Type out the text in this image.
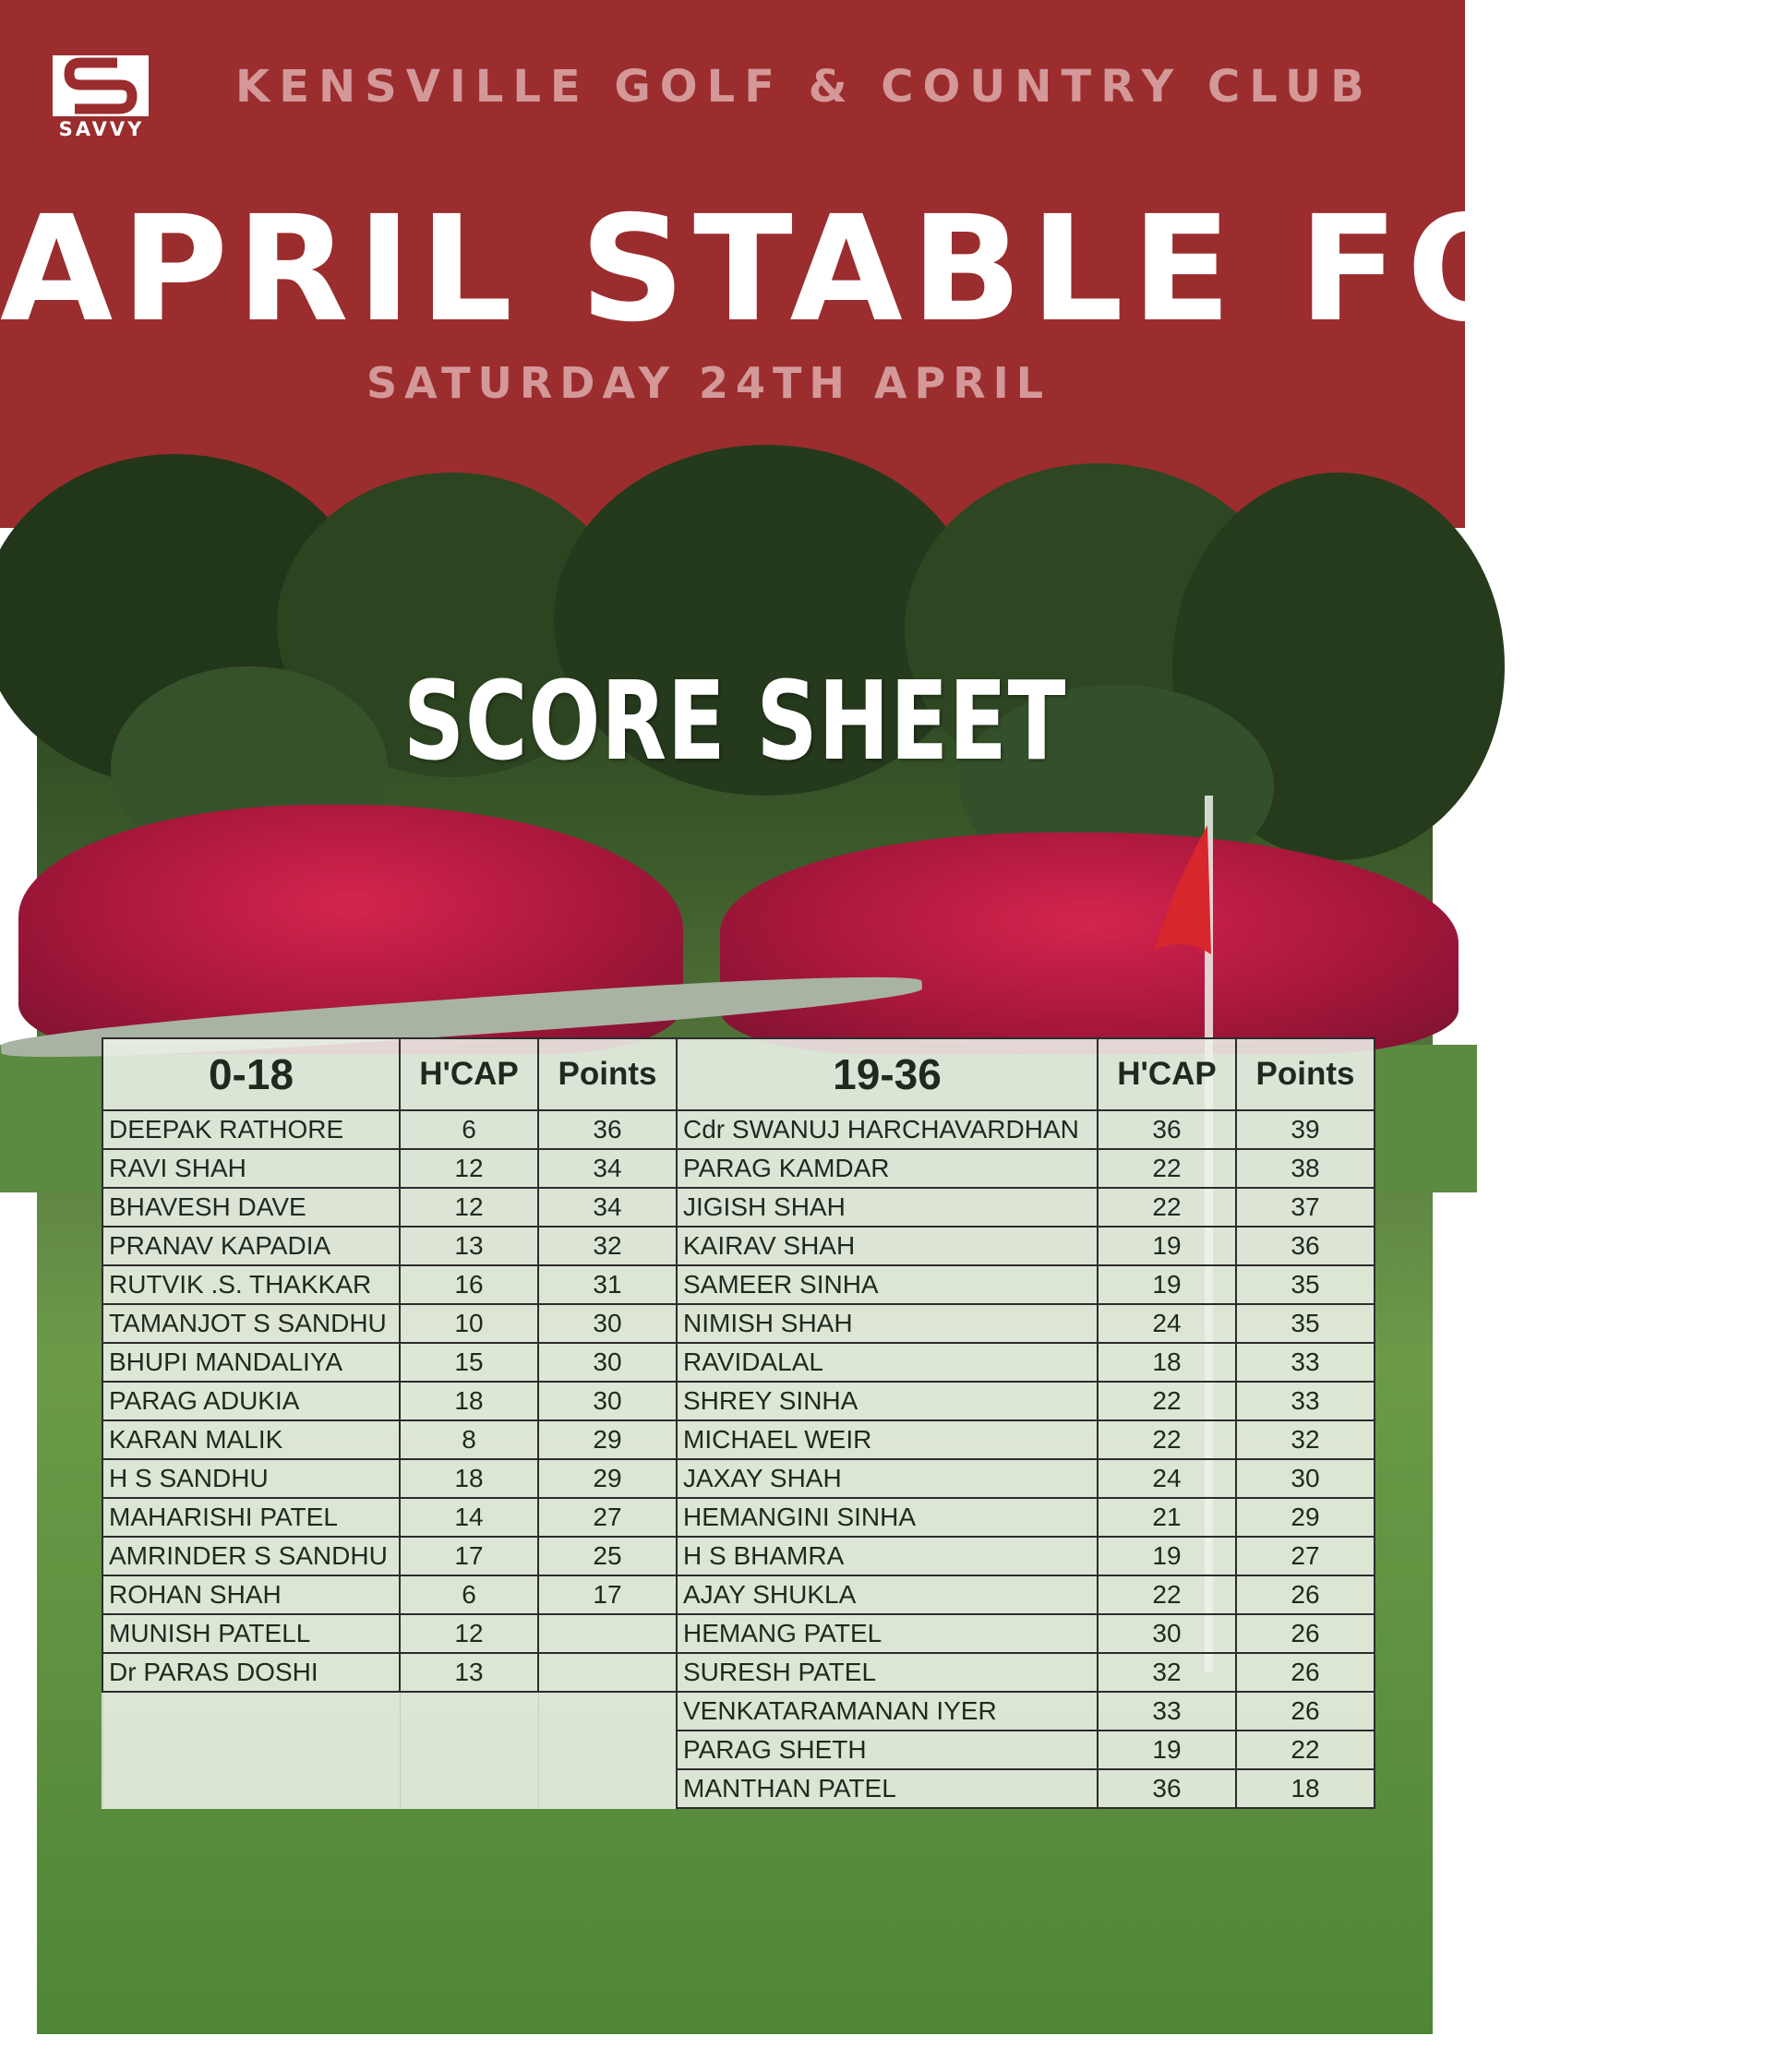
SAVVY
KENSVILLE GOLF & COUNTRY CLUB
APRIL STABLE FORD
SATURDAY 24TH APRIL
SCORE SHEET
0-18	H'CAP	Points	19-36	H'CAP	Points
DEEPAK RATHORE	6	36	Cdr SWANUJ HARCHAVARDHAN	36	39
RAVI SHAH	12	34	PARAG KAMDAR	22	38
BHAVESH DAVE	12	34	JIGISH SHAH	22	37
PRANAV KAPADIA	13	32	KAIRAV SHAH	19	36
RUTVIK .S. THAKKAR	16	31	SAMEER SINHA	19	35
TAMANJOT S SANDHU	10	30	NIMISH SHAH	24	35
BHUPI MANDALIYA	15	30	RAVIDALAL	18	33
PARAG ADUKIA	18	30	SHREY SINHA	22	33
KARAN MALIK	8	29	MICHAEL WEIR	22	32
H S SANDHU	18	29	JAXAY SHAH	24	30
MAHARISHI PATEL	14	27	HEMANGINI SINHA	21	29
AMRINDER S SANDHU	17	25	H S BHAMRA	19	27
ROHAN SHAH	6	17	AJAY SHUKLA	22	26
MUNISH PATELL	12		HEMANG PATEL	30	26
Dr PARAS DOSHI	13		SURESH PATEL	32	26
			VENKATARAMANAN IYER	33	26
			PARAG SHETH	19	22
			MANTHAN PATEL	36	18
